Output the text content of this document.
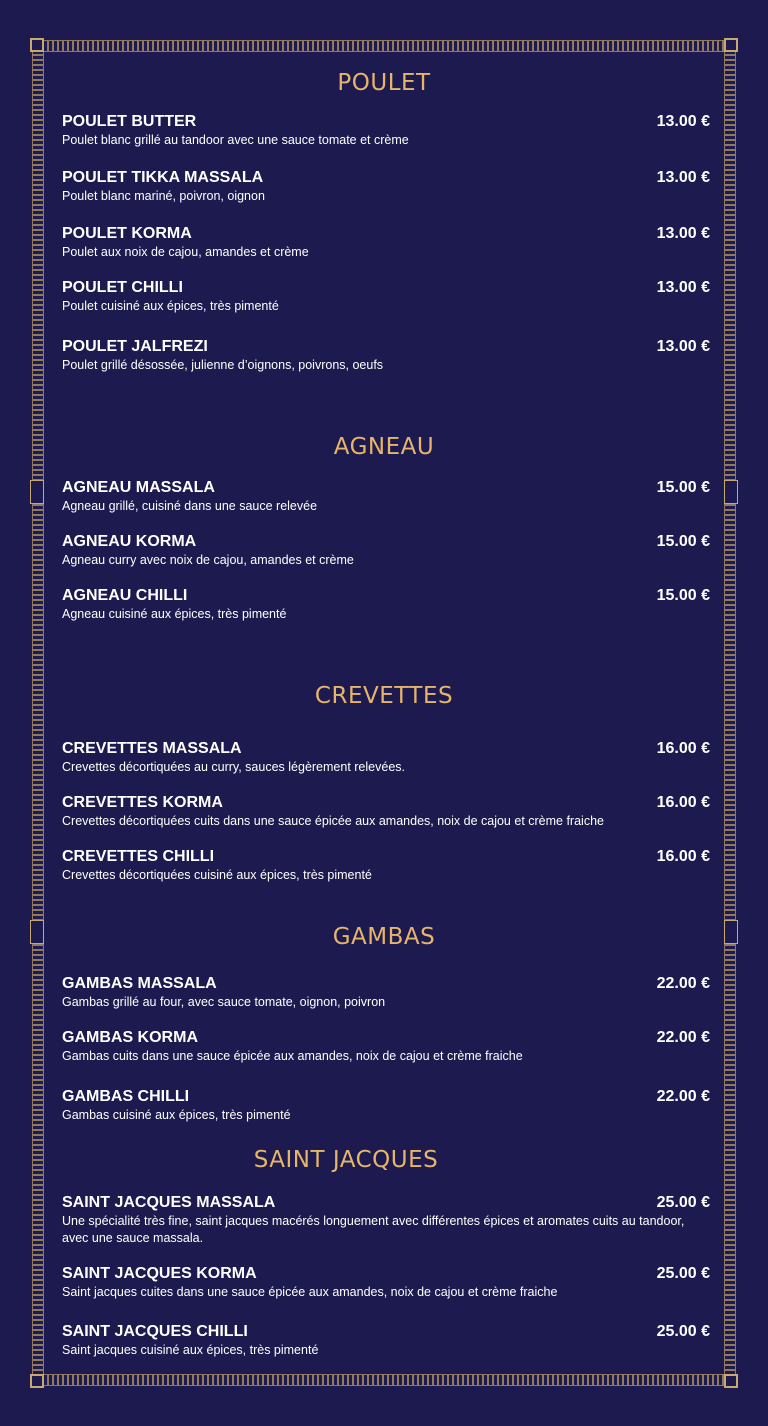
POULET
POULET BUTTER	13.00 €
Poulet blanc grillé au tandoor avec une sauce tomate et crème
POULET TIKKA MASSALA	13.00 €
Poulet blanc mariné, poivron, oignon
POULET KORMA	13.00 €
Poulet aux noix de cajou, amandes et crème
POULET CHILLI	13.00 €
Poulet cuisiné aux épices, très pimenté
POULET JALFREZI	13.00 €
Poulet grillé désossée, julienne d’oignons, poivrons, oeufs
AGNEAU
AGNEAU MASSALA	15.00 €
Agneau grillé, cuisiné dans une sauce relevée
AGNEAU KORMA	15.00 €
Agneau curry avec noix de cajou, amandes et crème
AGNEAU CHILLI	15.00 €
Agneau cuisiné aux épices, très pimenté
CREVETTES
CREVETTES MASSALA	16.00 €
Crevettes décortiquées au curry, sauces légèrement relevées.
CREVETTES KORMA	16.00 €
Crevettes décortiquées cuits dans une sauce épicée aux amandes, noix de cajou et crème fraiche
CREVETTES CHILLI	16.00 €
Crevettes décortiquées cuisiné aux épices, très pimenté
GAMBAS
GAMBAS MASSALA	22.00 €
Gambas grillé au four, avec sauce tomate, oignon, poivron
GAMBAS KORMA	22.00 €
Gambas cuits dans une sauce épicée aux amandes, noix de cajou et crème fraiche
GAMBAS CHILLI	22.00 €
Gambas cuisiné aux épices, très pimenté
SAINT JACQUES
SAINT JACQUES MASSALA	25.00 €
Une spécialité très fine, saint jacques macérés longuement avec différentes épices et aromates cuits au tandoor, avec une sauce massala.
SAINT JACQUES KORMA	25.00 €
Saint jacques cuites dans une sauce épicée aux amandes, noix de cajou et crème fraiche
SAINT JACQUES CHILLI	25.00 €
Saint jacques cuisiné aux épices, très pimenté
